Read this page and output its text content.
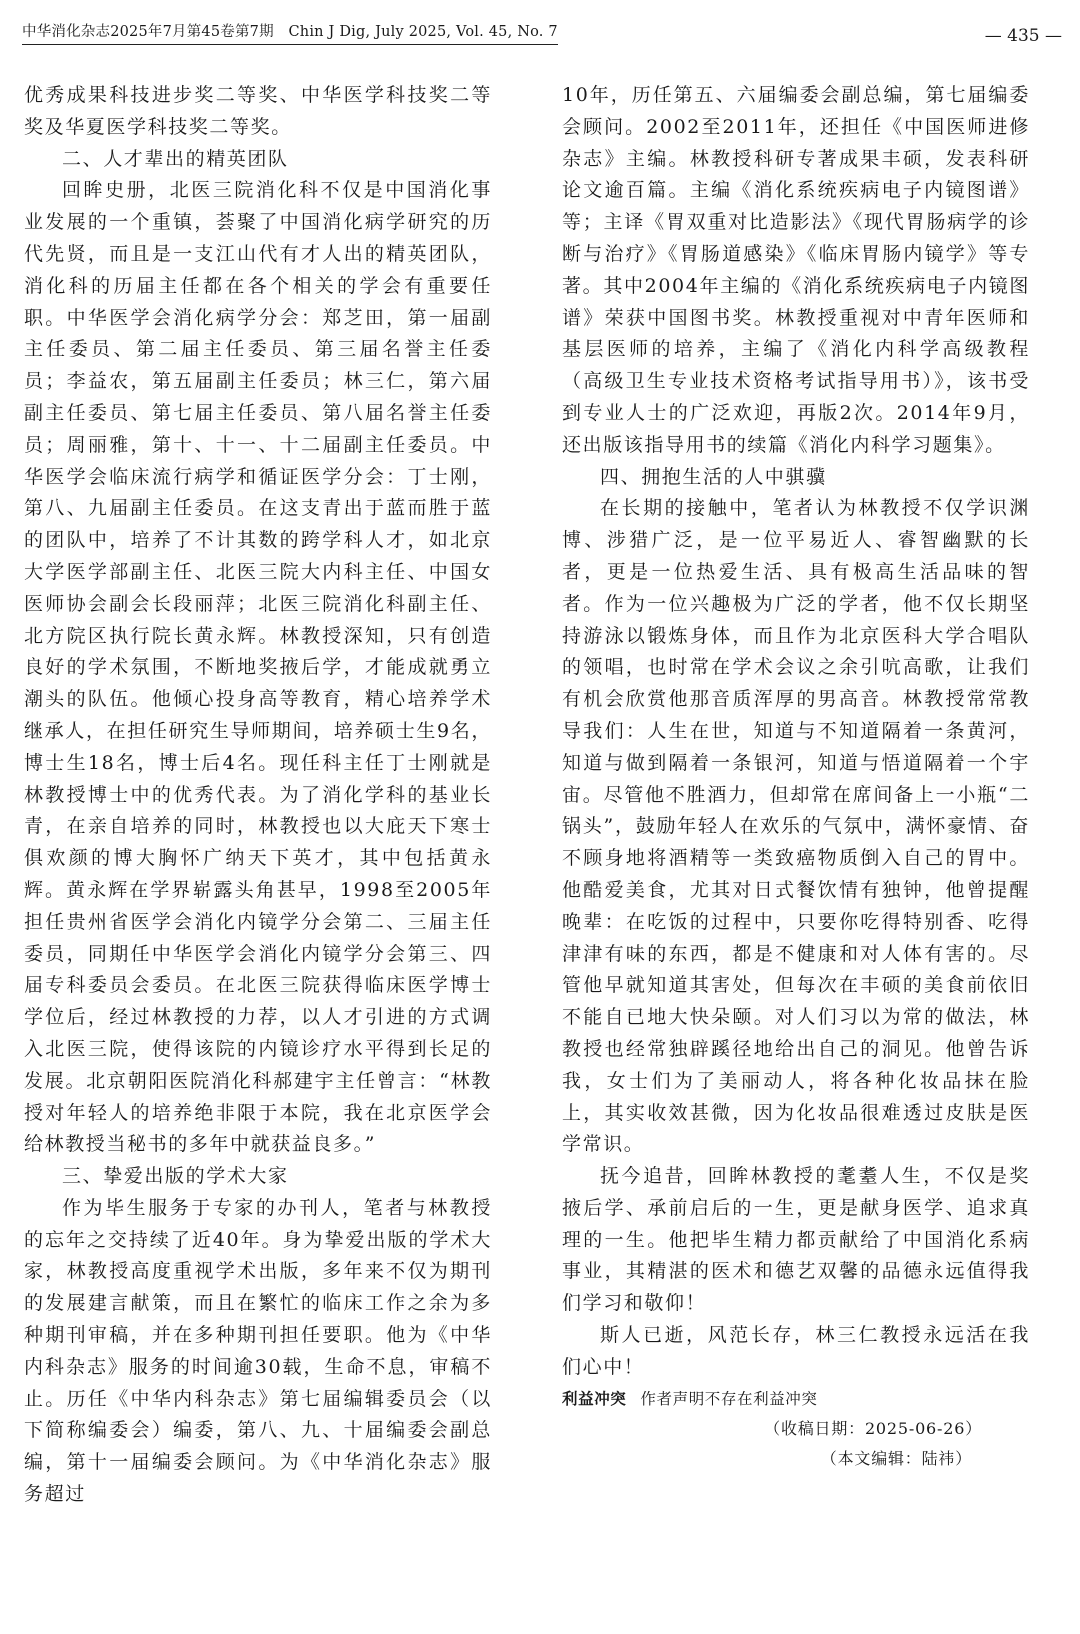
中华消化杂志2025年7月第45卷第7期　Chin J Dig, July 2025, Vol. 45, No. 7	— 435 —

优秀成果科技进步奖二等奖、中华医学科技奖二等奖及华夏医学科技奖二等奖。

二、人才辈出的精英团队

回眸史册，北医三院消化科不仅是中国消化事业发展的一个重镇，荟聚了中国消化病学研究的历代先贤，而且是一支江山代有才人出的精英团队，消化科的历届主任都在各个相关的学会有重要任职。中华医学会消化病学分会：郑芝田，第一届副主任委员、第二届主任委员、第三届名誉主任委员；李益农，第五届副主任委员；林三仁，第六届副主任委员、第七届主任委员、第八届名誉主任委员；周丽雅，第十、十一、十二届副主任委员。中华医学会临床流行病学和循证医学分会：丁士刚，第八、九届副主任委员。在这支青出于蓝而胜于蓝的团队中，培养了不计其数的跨学科人才，如北京大学医学部副主任、北医三院大内科主任、中国女医师协会副会长段丽萍；北医三院消化科副主任、北方院区执行院长黄永辉。林教授深知，只有创造良好的学术氛围，不断地奖掖后学，才能成就勇立潮头的队伍。他倾心投身高等教育，精心培养学术继承人，在担任研究生导师期间，培养硕士生9名，博士生18名，博士后4名。现任科主任丁士刚就是林教授博士中的优秀代表。为了消化学科的基业长青，在亲自培养的同时，林教授也以大庇天下寒士俱欢颜的博大胸怀广纳天下英才，其中包括黄永辉。黄永辉在学界崭露头角甚早，1998至2005年担任贵州省医学会消化内镜学分会第二、三届主任委员，同期任中华医学会消化内镜学分会第三、四届专科委员会委员。在北医三院获得临床医学博士学位后，经过林教授的力荐，以人才引进的方式调入北医三院，使得该院的内镜诊疗水平得到长足的发展。北京朝阳医院消化科郝建宇主任曾言：“林教授对年轻人的培养绝非限于本院，我在北京医学会给林教授当秘书的多年中就获益良多。”

三、挚爱出版的学术大家

作为毕生服务于专家的办刊人，笔者与林教授的忘年之交持续了近40年。身为挚爱出版的学术大家，林教授高度重视学术出版，多年来不仅为期刊的发展建言献策，而且在繁忙的临床工作之余为多种期刊审稿，并在多种期刊担任要职。他为《中华内科杂志》服务的时间逾30载，生命不息，审稿不止。历任《中华内科杂志》第七届编辑委员会（以下简称编委会）编委，第八、九、十届编委会副总编，第十一届编委会顾问。为《中华消化杂志》服务超过

10年，历任第五、六届编委会副总编，第七届编委会顾问。2002至2011年，还担任《中国医师进修杂志》主编。林教授科研专著成果丰硕，发表科研论文逾百篇。主编《消化系统疾病电子内镜图谱》等；主译《胃双重对比造影法》《现代胃肠病学的诊断与治疗》《胃肠道感染》《临床胃肠内镜学》等专著。其中2004年主编的《消化系统疾病电子内镜图谱》荣获中国图书奖。林教授重视对中青年医师和基层医师的培养，主编了《消化内科学高级教程（高级卫生专业技术资格考试指导用书）》，该书受到专业人士的广泛欢迎，再版2次。2014年9月，还出版该指导用书的续篇《消化内科学习题集》。

四、拥抱生活的人中骐骥

在长期的接触中，笔者认为林教授不仅学识渊博、涉猎广泛，是一位平易近人、睿智幽默的长者，更是一位热爱生活、具有极高生活品味的智者。作为一位兴趣极为广泛的学者，他不仅长期坚持游泳以锻炼身体，而且作为北京医科大学合唱队的领唱，也时常在学术会议之余引吭高歌，让我们有机会欣赏他那音质浑厚的男高音。林教授常常教导我们：人生在世，知道与不知道隔着一条黄河，知道与做到隔着一条银河，知道与悟道隔着一个宇宙。尽管他不胜酒力，但却常在席间备上一小瓶“二锅头”，鼓励年轻人在欢乐的气氛中，满怀豪情、奋不顾身地将酒精等一类致癌物质倒入自己的胃中。他酷爱美食，尤其对日式餐饮情有独钟，他曾提醒晚辈：在吃饭的过程中，只要你吃得特别香、吃得津津有味的东西，都是不健康和对人体有害的。尽管他早就知道其害处，但每次在丰硕的美食前依旧不能自已地大快朵颐。对人们习以为常的做法，林教授也经常独辟蹊径地给出自己的洞见。他曾告诉我，女士们为了美丽动人，将各种化妆品抹在脸上，其实收效甚微，因为化妆品很难透过皮肤是医学常识。

抚今追昔，回眸林教授的耄耋人生，不仅是奖掖后学、承前启后的一生，更是献身医学、追求真理的一生。他把毕生精力都贡献给了中国消化系病事业，其精湛的医术和德艺双馨的品德永远值得我们学习和敬仰！

斯人已逝，风范长存，林三仁教授永远活在我们心中！

利益冲突 作者声明不存在利益冲突

（收稿日期：2025-06-26）
（本文编辑：陆祎）
